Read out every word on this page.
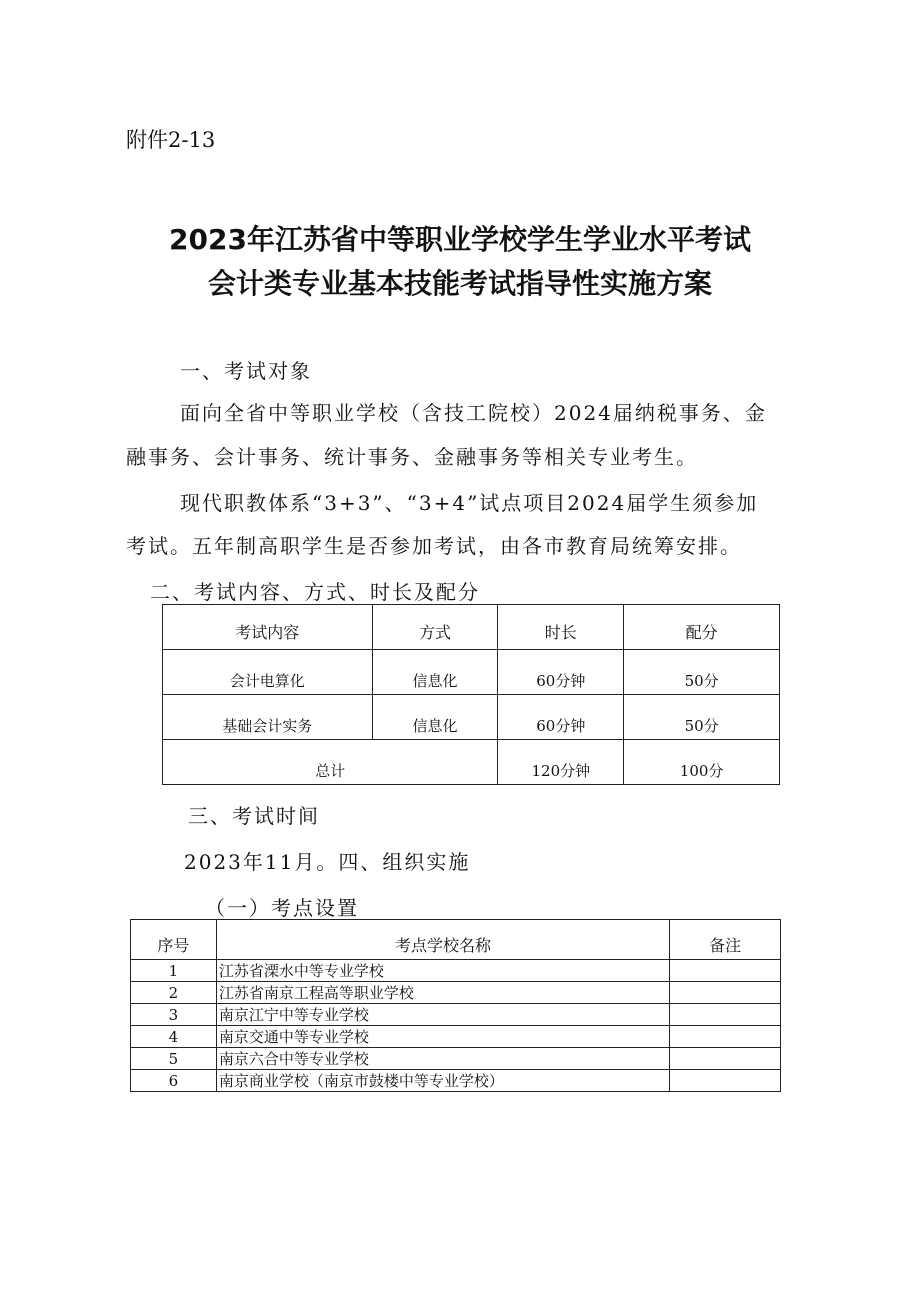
附件2-13
2023年江苏省中等职业学校学生学业水平考试
会计类专业基本技能考试指导性实施方案
一、考试对象
面向全省中等职业学校（含技工院校）2024届纳税事务、金
融事务、会计事务、统计事务、金融事务等相关专业考生。
现代职教体系“3+3”、“3+4”试点项目2024届学生须参加
考试。五年制高职学生是否参加考试，由各市教育局统筹安排。
二、考试内容、方式、时长及配分
考试内容	方式	时长	配分
会计电算化	信息化	60分钟	50分
基础会计实务	信息化	60分钟	50分
总计		120分钟	100分
三、考试时间
2023年11月。四、组织实施
（一）考点设置
序号	考点学校名称	备注
1	江苏省溧水中等专业学校	
2	江苏省南京工程高等职业学校	
3	南京江宁中等专业学校	
4	南京交通中等专业学校	
5	南京六合中等专业学校	
6	南京商业学校（南京市鼓楼中等专业学校）	
